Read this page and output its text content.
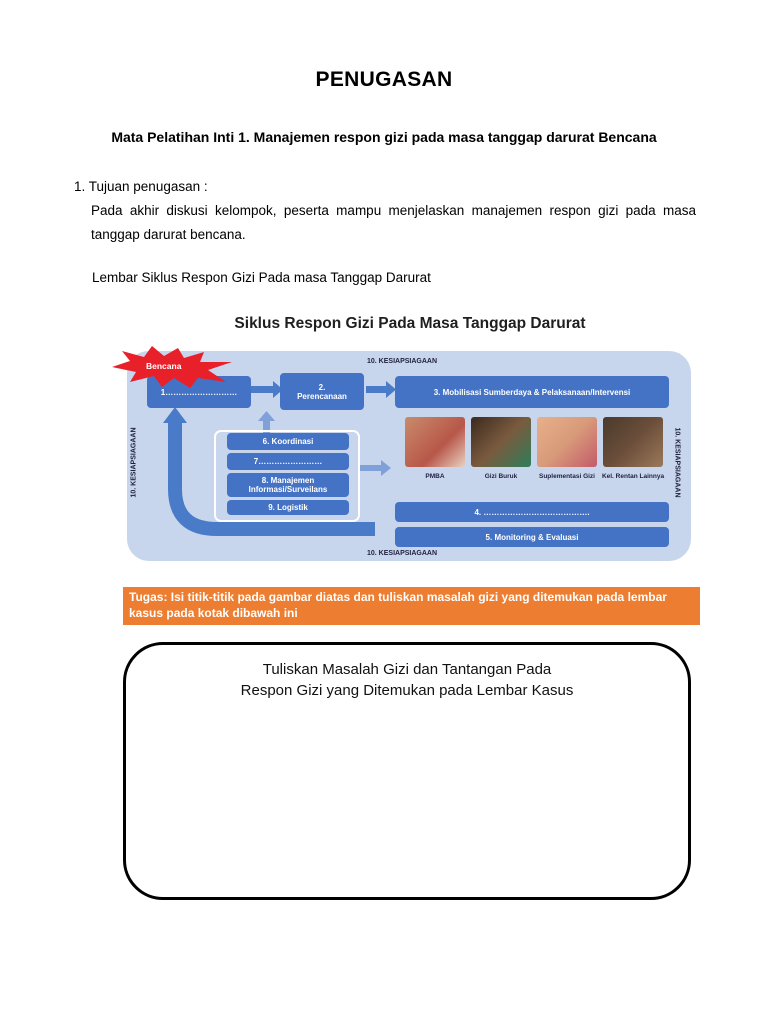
PENUGASAN
Mata Pelatihan Inti 1. Manajemen respon gizi pada masa tanggap darurat Bencana
1. Tujuan penugasan :
Pada akhir diskusi kelompok, peserta mampu menjelaskan manajemen respon gizi pada masa tanggap darurat bencana.
Lembar Siklus Respon Gizi Pada masa Tanggap Darurat
Siklus Respon Gizi Pada Masa Tanggap Darurat
10. KESIAPSIAGAAN
10. KESIAPSIAGAAN
10. KESIAPSIAGAAN	10. KESIAPSIAGAAN
1………………………
2.
Perencanaan	3. Mobilisasi Sumberdaya & Pelaksanaan/Intervensi
6. Koordinasi
7……………………
8. Manajemen
Informasi/Surveilans
9. Logistik
PMBA	Gizi Buruk	Suplementasi Gizi	Kel. Rentan Lainnya
4. ………………………………….
5. Monitoring & Evaluasi
Bencana
Tugas: Isi titik-titik pada gambar diatas dan tuliskan masalah gizi yang ditemukan pada lembar kasus pada kotak dibawah ini
Tuliskan Masalah Gizi dan Tantangan Pada
Respon Gizi yang Ditemukan pada Lembar Kasus
